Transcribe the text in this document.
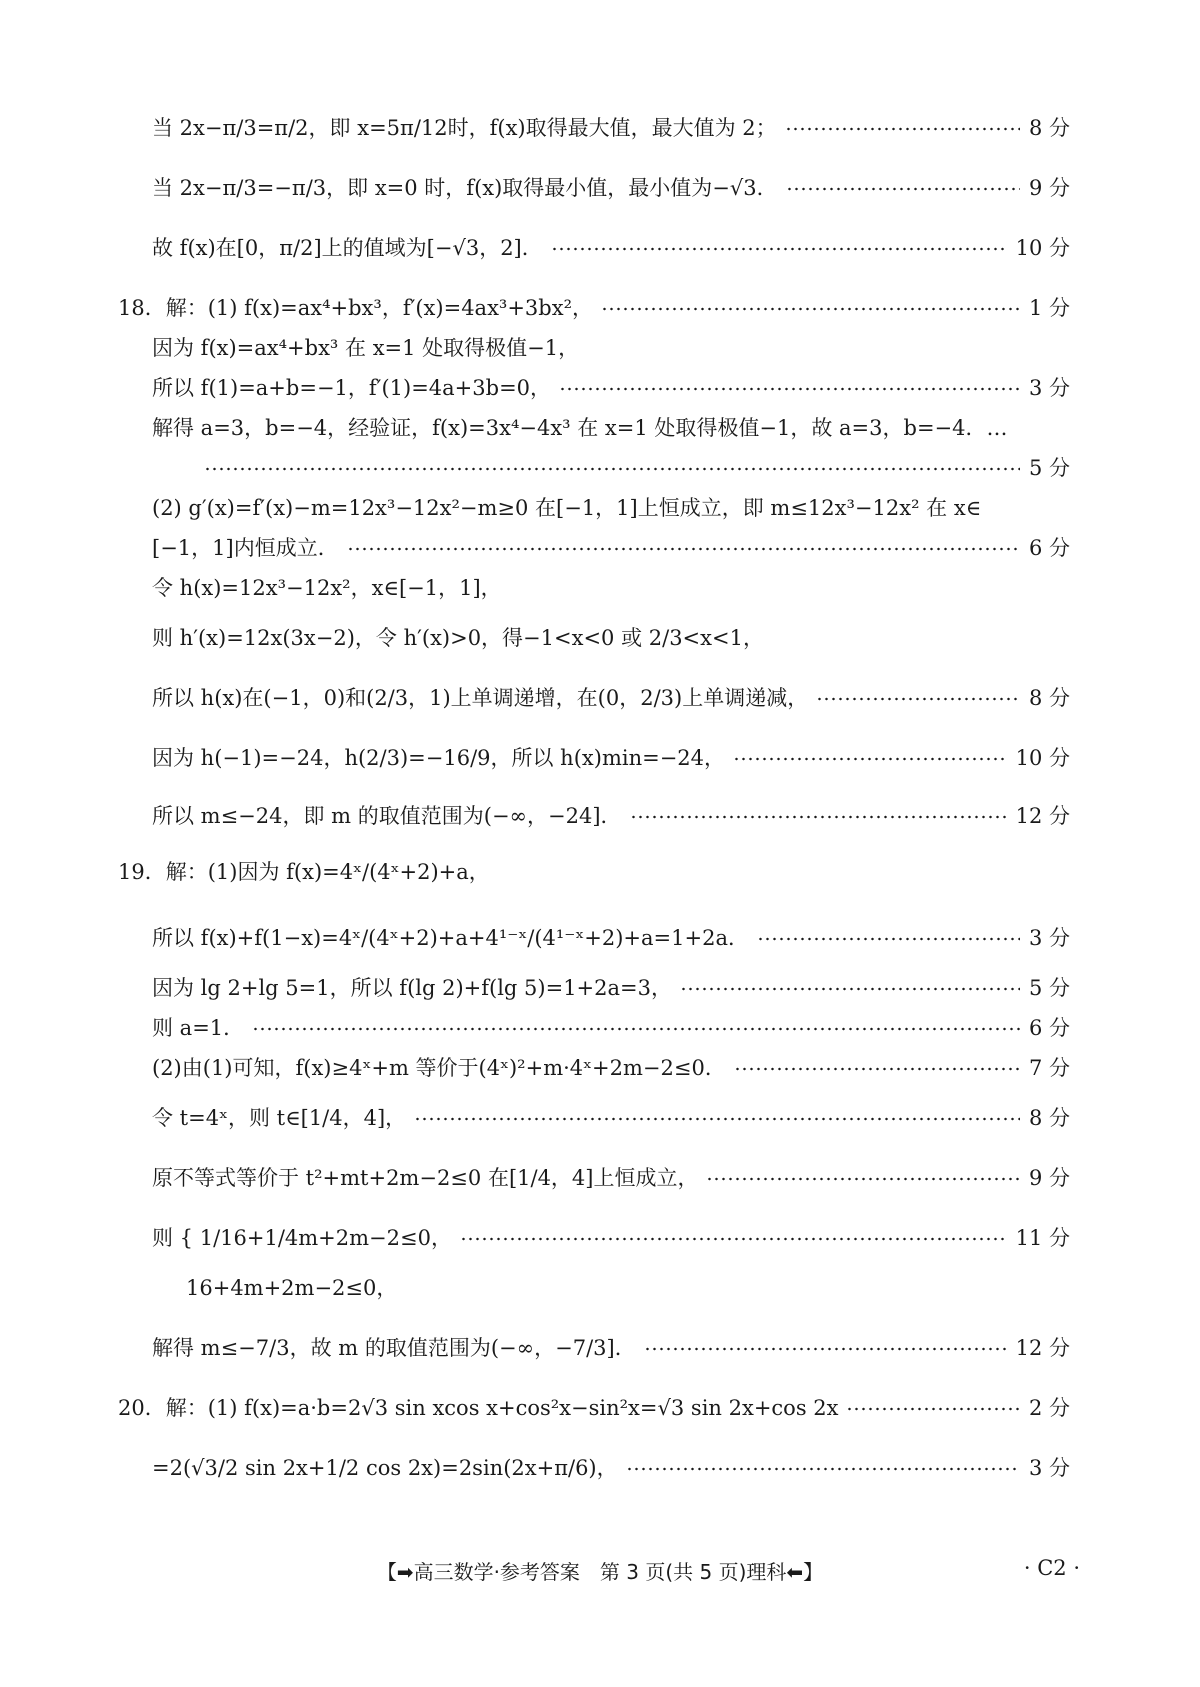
当 2x−π/3=π/2，即 x=5π/12时，f(x)取得最大值，最大值为 2；	8 分
当 2x−π/3=−π/3，即 x=0 时，f(x)取得最小值，最小值为−√3．	9 分
故 f(x)在[0，π/2]上的值域为[−√3，2]．	10 分
18．解：(1) f(x)=ax⁴+bx³，f′(x)=4ax³+3bx²，	1 分
因为 f(x)=ax⁴+bx³ 在 x=1 处取得极值−1，
所以 f(1)=a+b=−1，f′(1)=4a+3b=0，	3 分
解得 a=3，b=−4，经验证，f(x)=3x⁴−4x³ 在 x=1 处取得极值−1，故 a=3，b=−4．…
5 分
(2) g′(x)=f′(x)−m=12x³−12x²−m≥0 在[−1，1]上恒成立，即 m≤12x³−12x² 在 x∈
[−1，1]内恒成立．	6 分
令 h(x)=12x³−12x²，x∈[−1，1]，
则 h′(x)=12x(3x−2)，令 h′(x)>0，得−1<x<0 或 2/3<x<1，
所以 h(x)在(−1，0)和(2/3，1)上单调递增，在(0，2/3)上单调递减，	8 分
因为 h(−1)=−24，h(2/3)=−16/9，所以 h(x)min=−24，	10 分
所以 m≤−24，即 m 的取值范围为(−∞，−24]．	12 分
19．解：(1)因为 f(x)=4ˣ/(4ˣ+2)+a，
所以 f(x)+f(1−x)=4ˣ/(4ˣ+2)+a+4¹⁻ˣ/(4¹⁻ˣ+2)+a=1+2a．	3 分
因为 lg 2+lg 5=1，所以 f(lg 2)+f(lg 5)=1+2a=3，	5 分
则 a=1．	6 分
(2)由(1)可知，f(x)≥4ˣ+m 等价于(4ˣ)²+m·4ˣ+2m−2≤0．	7 分
令 t=4ˣ，则 t∈[1/4，4]，	8 分
原不等式等价于 t²+mt+2m−2≤0 在[1/4，4]上恒成立，	9 分
则 { 1/16+1/4m+2m−2≤0，	11 分
16+4m+2m−2≤0，
解得 m≤−7/3，故 m 的取值范围为(−∞，−7/3]．	12 分
20．解：(1) f(x)=a·b=2√3 sin xcos x+cos²x−sin²x=√3 sin 2x+cos 2x	2 分
=2(√3/2 sin 2x+1/2 cos 2x)=2sin(2x+π/6)，	3 分
【➡高三数学·参考答案　第 3 页(共 5 页)理科⬅】	· C2 ·
